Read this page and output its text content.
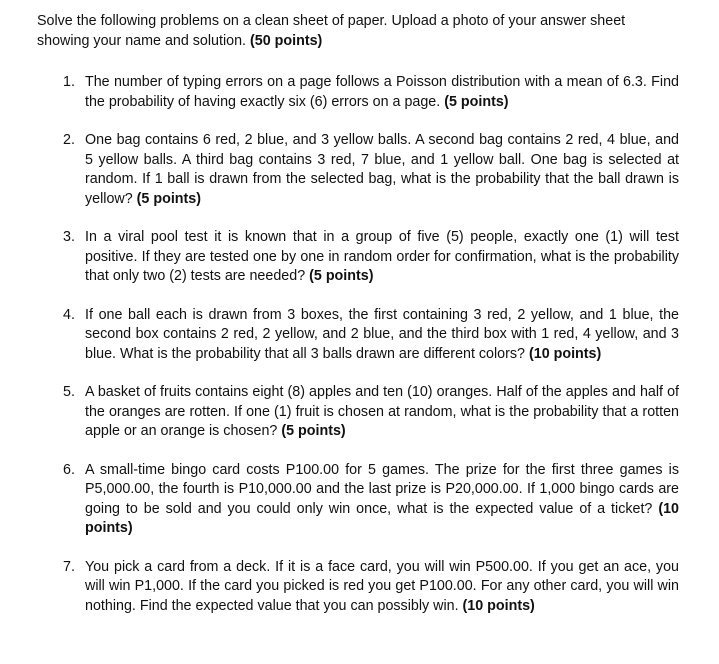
Solve the following problems on a clean sheet of paper. Upload a photo of your answer sheet showing your name and solution. (50 points)

1. The number of typing errors on a page follows a Poisson distribution with a mean of 6.3. Find the probability of having exactly six (6) errors on a page. (5 points)
2. One bag contains 6 red, 2 blue, and 3 yellow balls. A second bag contains 2 red, 4 blue, and 5 yellow balls. A third bag contains 3 red, 7 blue, and 1 yellow ball. One bag is selected at random. If 1 ball is drawn from the selected bag, what is the probability that the ball drawn is yellow? (5 points)
3. In a viral pool test it is known that in a group of five (5) people, exactly one (1) will test positive. If they are tested one by one in random order for confirmation, what is the probability that only two (2) tests are needed? (5 points)
4. If one ball each is drawn from 3 boxes, the first containing 3 red, 2 yellow, and 1 blue, the second box contains 2 red, 2 yellow, and 2 blue, and the third box with 1 red, 4 yellow, and 3 blue. What is the probability that all 3 balls drawn are different colors? (10 points)
5. A basket of fruits contains eight (8) apples and ten (10) oranges. Half of the apples and half of the oranges are rotten. If one (1) fruit is chosen at random, what is the probability that a rotten apple or an orange is chosen? (5 points)
6. A small-time bingo card costs P100.00 for 5 games. The prize for the first three games is P5,000.00, the fourth is P10,000.00 and the last prize is P20,000.00. If 1,000 bingo cards are going to be sold and you could only win once, what is the expected value of a ticket? (10 points)
7. You pick a card from a deck. If it is a face card, you will win P500.00. If you get an ace, you will win P1,000. If the card you picked is red you get P100.00. For any other card, you will win nothing. Find the expected value that you can possibly win. (10 points)
